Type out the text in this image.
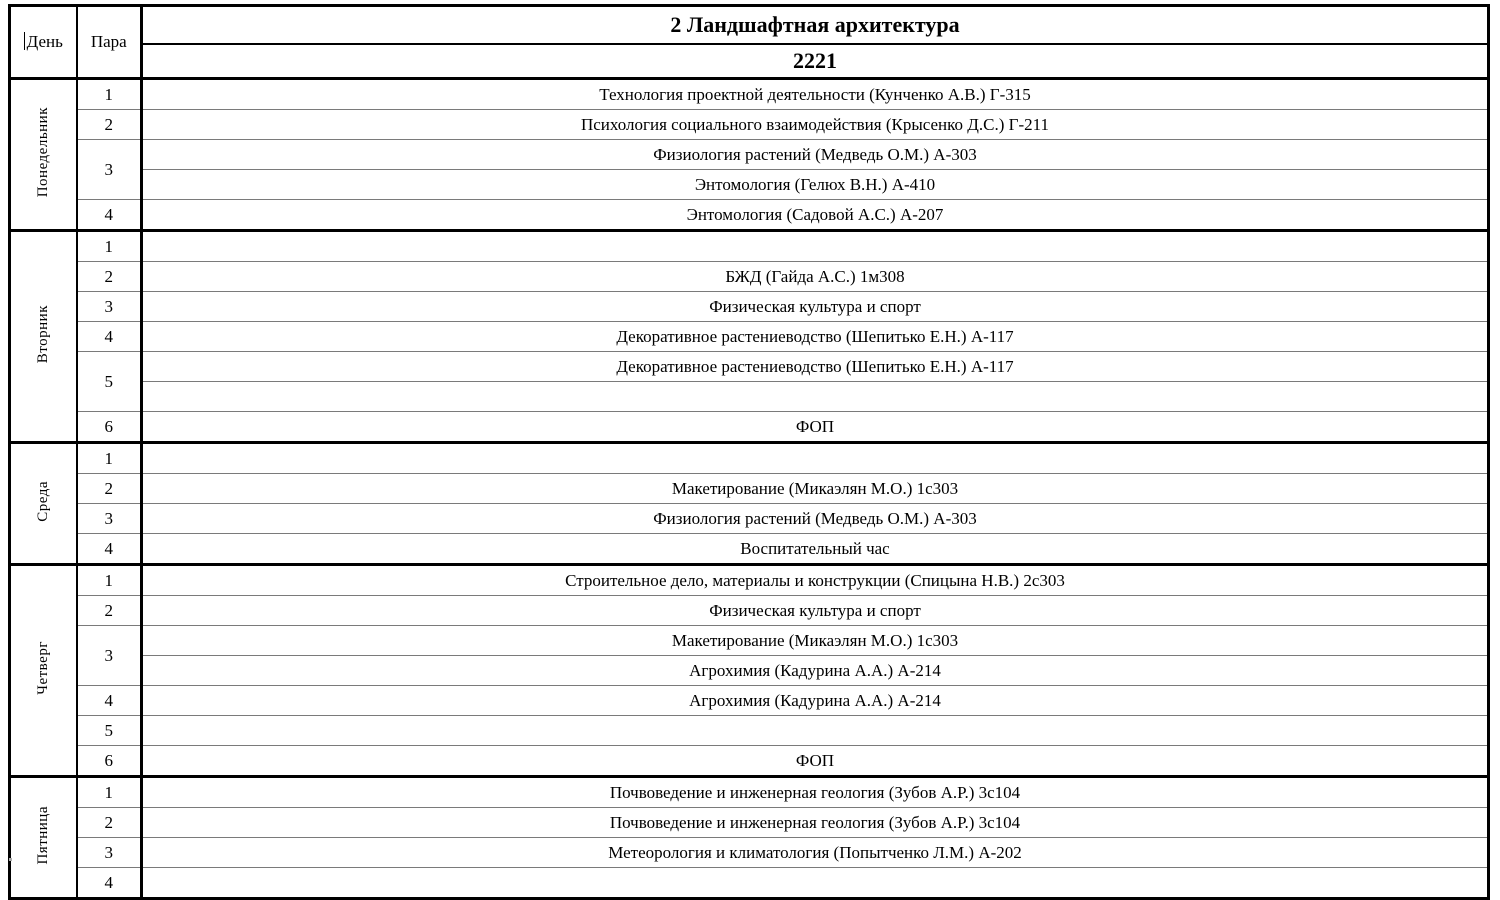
День	Пара	2 Ландшафтная архитектура
		2221
Понедельник	1	Технология проектной деятельности (Кунченко А.В.) Г-315
	2	Психология социального взаимодействия (Крысенко Д.С.) Г-211
	3	Физиология растений (Медведь О.М.) А-303
		Энтомология (Гелюх В.Н.) А-410
	4	Энтомология (Садовой А.С.) А-207
Вторник	1	
	2	БЖД (Гайда А.С.) 1м308
	3	Физическая культура и спорт
	4	Декоративное растениеводство (Шепитько Е.Н.) А-117
	5	Декоративное растениеводство (Шепитько Е.Н.) А-117

	6	ФОП
Среда	1	
	2	Макетирование (Микаэлян М.О.) 1с303
	3	Физиология растений (Медведь О.М.) А-303
	4	Воспитательный час
Четверг	1	Строительное дело, материалы и конструкции (Спицына Н.В.) 2с303
	2	Физическая культура и спорт
	3	Макетирование (Микаэлян М.О.) 1с303
		Агрохимия (Кадурина А.А.) А-214
	4	Агрохимия (Кадурина А.А.) А-214
	5	
	6	ФОП
Пятница	1	Почвоведение и инженерная геология (Зубов А.Р.) 3с104
	2	Почвоведение и инженерная геология (Зубов А.Р.) 3с104
	3	Метеорология и климатология (Попытченко Л.М.) А-202
	4	
